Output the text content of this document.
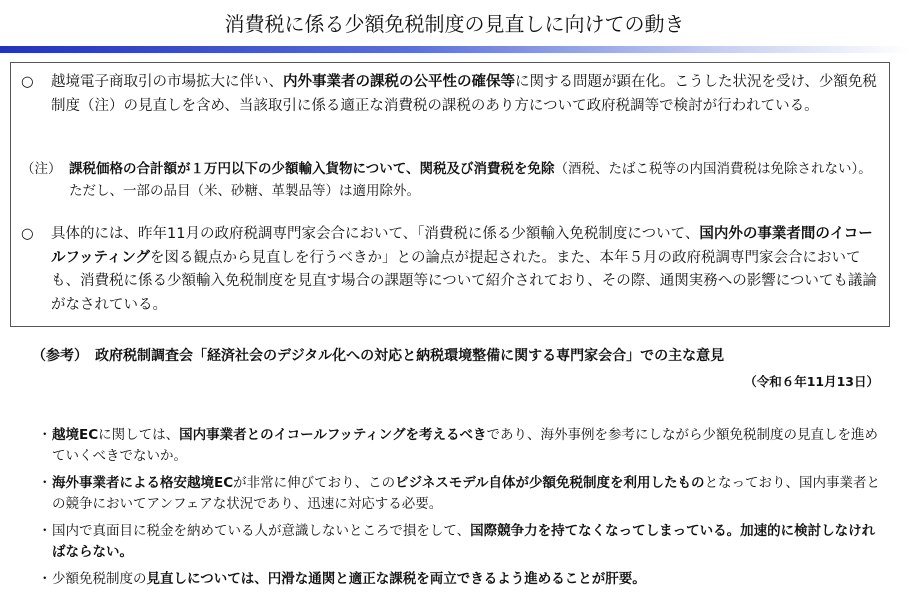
消費税に係る少額免税制度の見直しに向けての動き
○	越境電子商取引の市場拡大に伴い、内外事業者の課税の公平性の確保等に関する問題が顕在化。こうした状況を受け、少額免税制度（注）の見直しを含め、当該取引に係る適正な消費税の課税のあり方について政府税調等で検討が行われている。
（注） 課税価格の合計額が１万円以下の少額輸入貨物について、関税及び消費税を免除（酒税、たばこ税等の内国消費税は免除されない）。ただし、一部の品目（米、砂糖、革製品等）は適用除外。
○	具体的には、昨年11月の政府税調専門家会合において、「消費税に係る少額輸入免税制度について、国内外の事業者間のイコールフッティングを図る観点から見直しを行うべきか」との論点が提起された。また、本年５月の政府税調専門家会合においても、消費税に係る少額輸入免税制度を見直す場合の課題等について紹介されており、その際、通関実務への影響についても議論がなされている。
（参考）　政府税制調査会「経済社会のデジタル化への対応と納税環境整備に関する専門家会合」での主な意見
（令和６年11月13日）
・ 越境ECに関しては、国内事業者とのイコールフッティングを考えるべきであり、海外事例を参考にしながら少額免税制度の見直しを進めていくべきでないか。
・ 海外事業者による格安越境ECが非常に伸びており、このビジネスモデル自体が少額免税制度を利用したものとなっており、国内事業者との競争においてアンフェアな状況であり、迅速に対応する必要。
・ 国内で真面目に税金を納めている人が意識しないところで損をして、国際競争力を持てなくなってしまっている。加速的に検討しなければならない。
・ 少額免税制度の見直しについては、円滑な通関と適正な課税を両立できるよう進めることが肝要。
